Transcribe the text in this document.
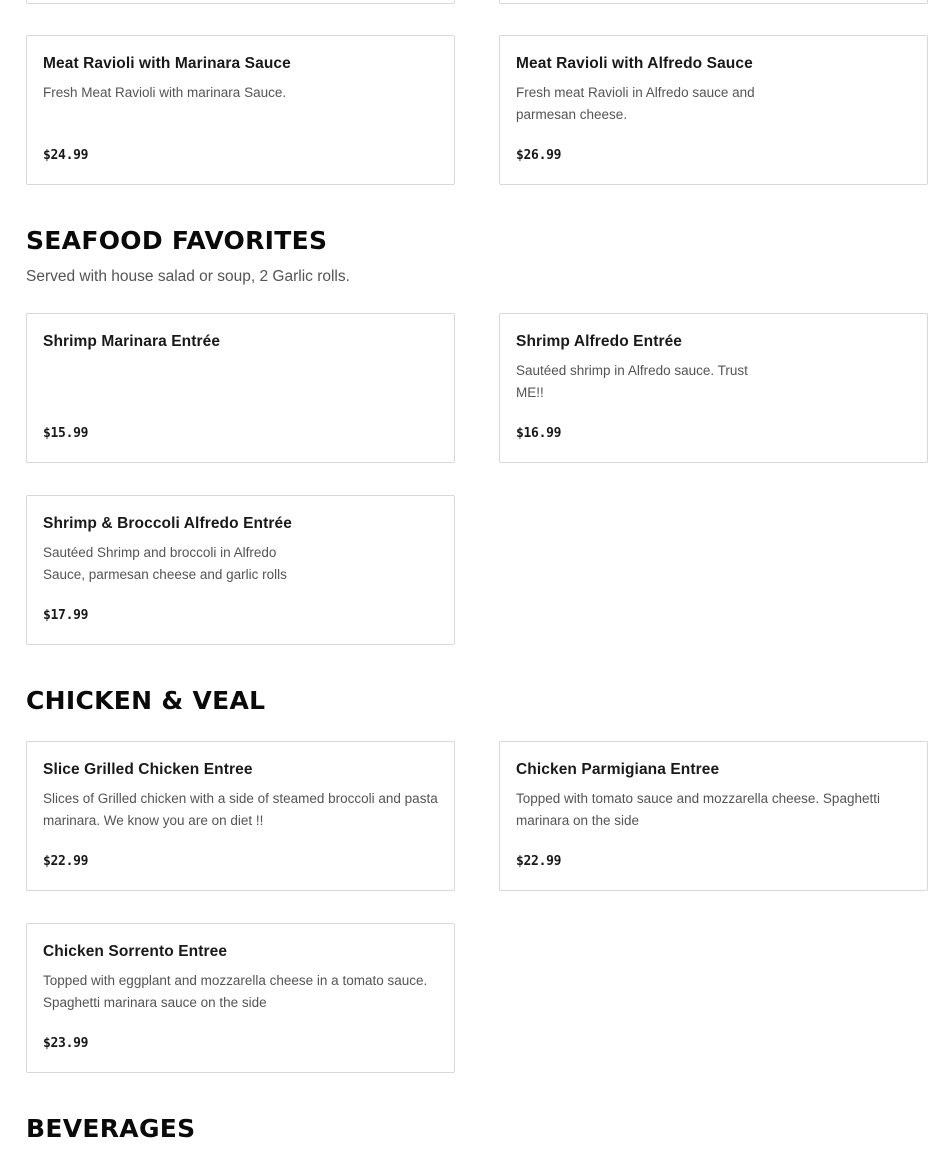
Meat Ravioli with Marinara Sauce
Fresh Meat Ravioli with marinara Sauce.
$24.99
Meat Ravioli with Alfredo Sauce
Fresh meat Ravioli in Alfredo sauce and parmesan cheese.
$26.99
SEAFOOD FAVORITES

Served with house salad or soup, 2 Garlic rolls.

Shrimp Marinara Entrée
$15.99
Shrimp Alfredo Entrée
Sautéed shrimp in Alfredo sauce. Trust ME!!
$16.99
Shrimp & Broccoli Alfredo Entrée
Sautéed Shrimp and broccoli in Alfredo Sauce, parmesan cheese and garlic rolls
$17.99
CHICKEN & VEAL
Slice Grilled Chicken Entree
Slices of Grilled chicken with a side of steamed broccoli and pasta marinara. We know you are on diet !!
$22.99
Chicken Parmigiana Entree
Topped with tomato sauce and mozzarella cheese. Spaghetti marinara on the side
$22.99
Chicken Sorrento Entree
Topped with eggplant and mozzarella cheese in a tomato sauce. Spaghetti marinara sauce on the side
$23.99
BEVERAGES
